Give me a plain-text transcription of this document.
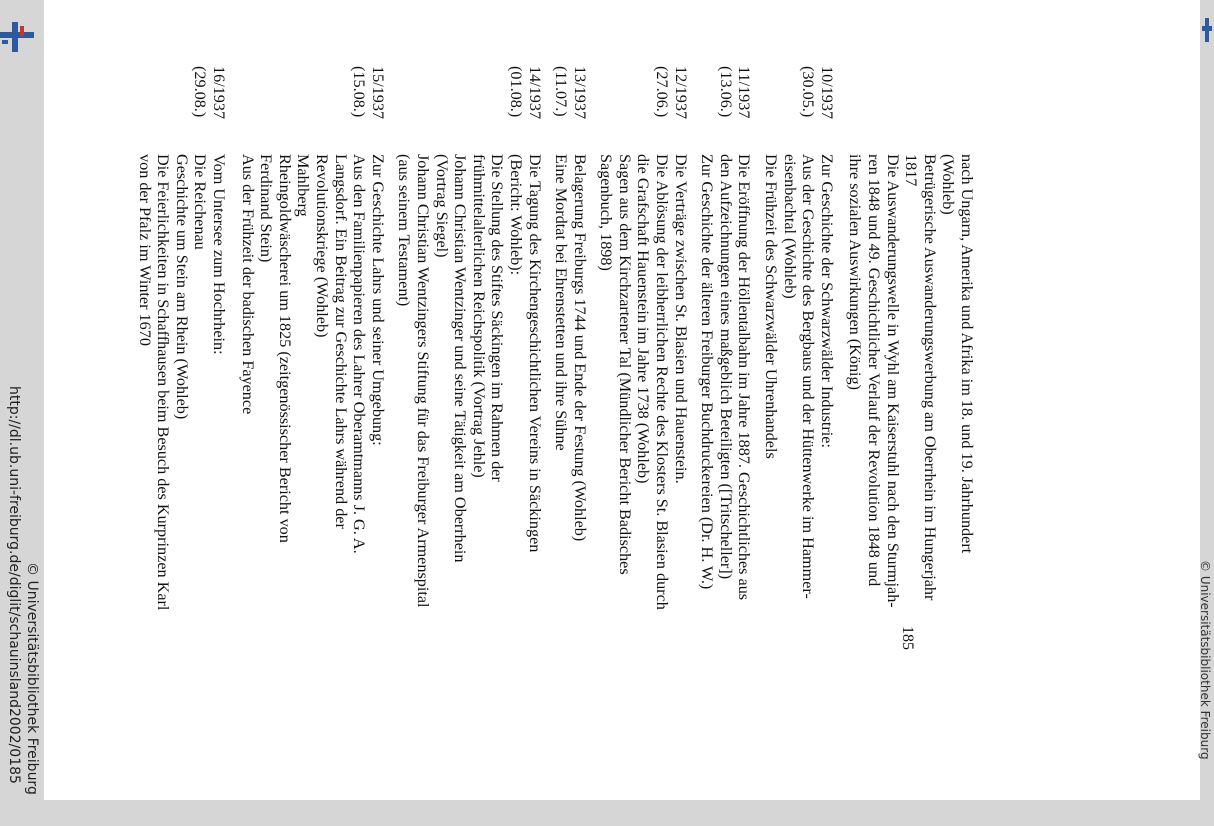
http://dl.ub.uni-freiburg.de/diglit/schauinsland2002/0185 © Universitätsbibliothek Freiburg
10/1937
(30.05.)
11/1937
(13.06.)
12/1937
(27.06.)
13/1937
(11.07.)
14/1937
(01.08.)
15/1937
(15.08.)
16/1937
(29.08.)
nach Ungarn, Amerika und Afrika im 18. und 19. Jahrhundert
(Wohleb)
Betrügerische Auswanderungswerbung am Oberrhein im Hungerjahr
1817
Die Auswanderungswelle in Wyhl am Kaiserstuhl nach den Sturmjah-
ren 1848 und 49. Geschichtlicher Verlauf der Revolution 1848 und
ihre sozialen Auswirkungen (König)
Zur Geschichte der Schwarzwälder Industrie:
Aus der Geschichte des Bergbaus und der Hüttenwerke im Hammer-
eisenbachtal (Wohleb)
Die Frühzeit des Schwarzwälder Uhrenhandels
Die Eröffnung der Höllentalbahn im Jahre 1887. Geschichtliches aus
den Aufzeichnungen eines maßgeblich Beteiligten ([Tritscheller])
Zur Geschichte der älteren Freiburger Buchdruckereien (Dr. H. W.)
Die Verträge zwischen St. Blasien und Hauenstein.
Die Ablösung der leibherrlichen Rechte des Klosters St. Blasien durch
die Grafschaft Hauenstein im Jahre 1738 (Wohleb)
Sagen aus dem Kirchzartener Tal (Mündlicher Bericht Badisches
Sagenbuch, 1898)
Belagerung Freiburgs 1744 und Ende der Festung (Wohleb)
Eine Mordtat bei Ehrenstetten und ihre Sühne
Die Tagung des Kirchengeschichtlichen Vereins in Säckingen
(Bericht: Wohleb):
Die Stellung des Stiftes Säckingen im Rahmen der
frühmittelalterlichen Reichspolitik (Vortrag Jehle)
Johann Christian Wentzinger und seine Tätigkeit am Oberrhein
(Vortrag Siegel)
Johann Christian Wentzingers Stiftung für das Freiburger Armenspital
(aus seinem Testament)
Zur Geschichte Lahrs und seiner Umgebung:
Aus den Familienpapieren des Lahrer Oberamtmanns J. G. A.
Langsdorf. Ein Beitrag zur Geschichte Lahrs während der
Revolutionskriege (Wohleb)
Mahlberg
Rheingoldwäscherei um 1825 (zeitgenössischer Bericht von
Ferdinand Stein)
Aus der Frühzeit der badischen Fayence
Vom Untersee zum Hochrhein:
Die Reichenau
Geschichte um Stein am Rhein (Wohleb)
Die Feierlichkeiten in Schaffhausen beim Besuch des Kurprinzen Karl
von der Pfalz im Winter 1670
185	© Universitätsbibliothek Freiburg
